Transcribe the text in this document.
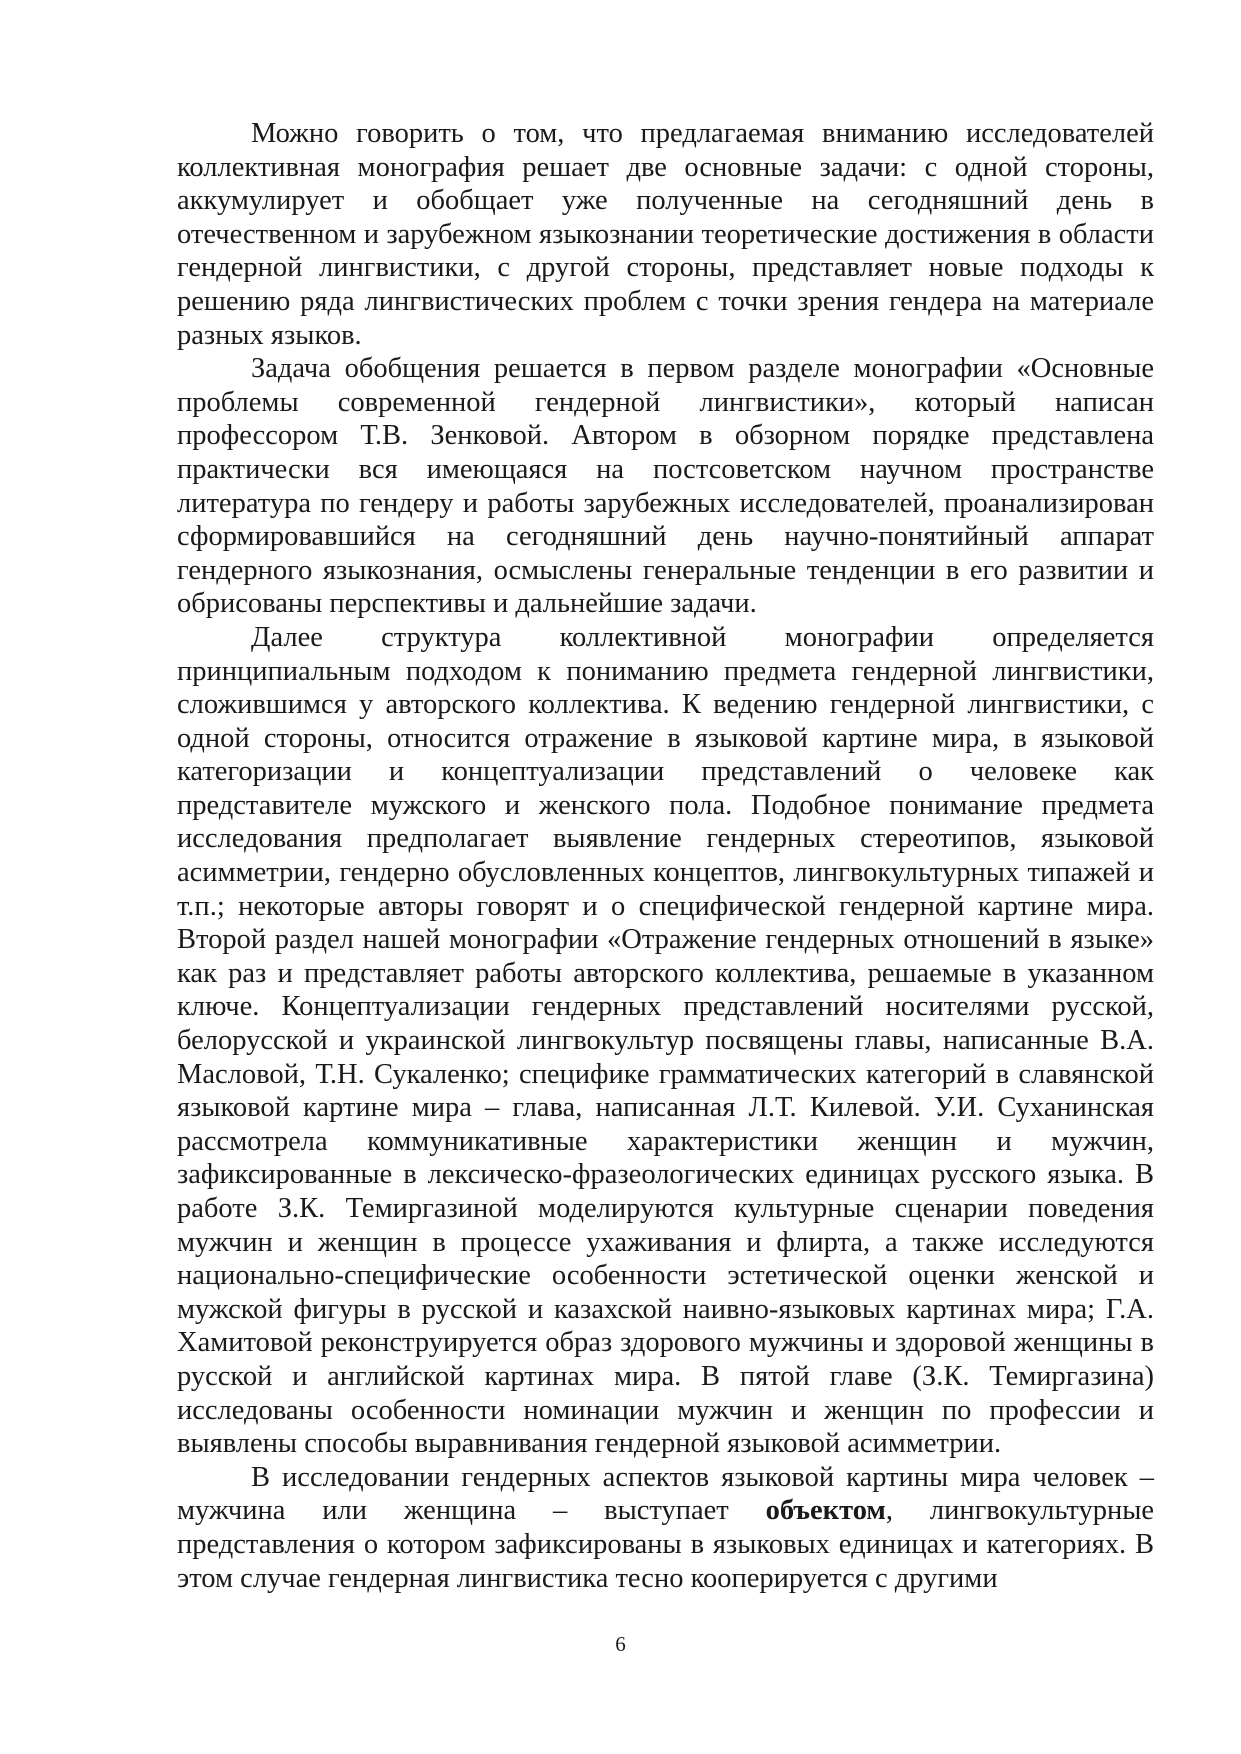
Можно говорить о том, что предлагаемая вниманию исследователей коллективная монография решает две основные задачи: с одной стороны, аккумулирует и обобщает уже полученные на сегодняшний день в отечественном и зарубежном языкознании теоретические достижения в области гендерной лингвистики, с другой стороны, представляет новые подходы к решению ряда лингвистических проблем с точки зрения гендера на материале разных языков.

Задача обобщения решается в первом разделе монографии «Основные проблемы современной гендерной лингвистики», который написан профессором Т.В. Зенковой. Автором в обзорном порядке представлена практически вся имеющаяся на постсоветском научном пространстве литература по гендеру и работы зарубежных исследователей, проанализирован сформировавшийся на сегодняшний день научно-понятийный аппарат гендерного языкознания, осмыслены генеральные тенденции в его развитии и обрисованы перспективы и дальнейшие задачи.

Далее структура коллективной монографии определяется принципиальным подходом к пониманию предмета гендерной лингвистики, сложившимся у авторского коллектива. К ведению гендерной лингвистики, с одной стороны, относится отражение в языковой картине мира, в языковой категоризации и концептуализации представлений о человеке как представителе мужского и женского пола. Подобное понимание предмета исследования предполагает выявление гендерных стереотипов, языковой асимметрии, гендерно обусловленных концептов, лингвокультурных типажей и т.п.; некоторые авторы говорят и о специфической гендерной картине мира. Второй раздел нашей монографии «Отражение гендерных отношений в языке» как раз и представляет работы авторского коллектива, решаемые в указанном ключе. Концептуализации гендерных представлений носителями русской, белорусской и украинской лингвокультур посвящены главы, написанные В.А. Масловой, Т.Н. Сукаленко; специфике грамматических категорий в славянской языковой картине мира – глава, написанная Л.Т. Килевой. У.И. Суханинская рассмотрела коммуникативные характеристики женщин и мужчин, зафиксированные в лексическо-фразеологических единицах русского языка. В работе З.К. Темиргазиной моделируются культурные сценарии поведения мужчин и женщин в процессе ухаживания и флирта, а также исследуются национально-специфические особенности эстетической оценки женской и мужской фигуры в русской и казахской наивно-языковых картинах мира; Г.А. Хамитовой реконструируется образ здорового мужчины и здоровой женщины в русской и английской картинах мира. В пятой главе (З.К. Темиргазина) исследованы особенности номинации мужчин и женщин по профессии и выявлены способы выравнивания гендерной языковой асимметрии.

В исследовании гендерных аспектов языковой картины мира человек – мужчина или женщина – выступает объектом, лингвокультурные представления о котором зафиксированы в языковых единицах и категориях. В этом случае гендерная лингвистика тесно кооперируется с другими

6
